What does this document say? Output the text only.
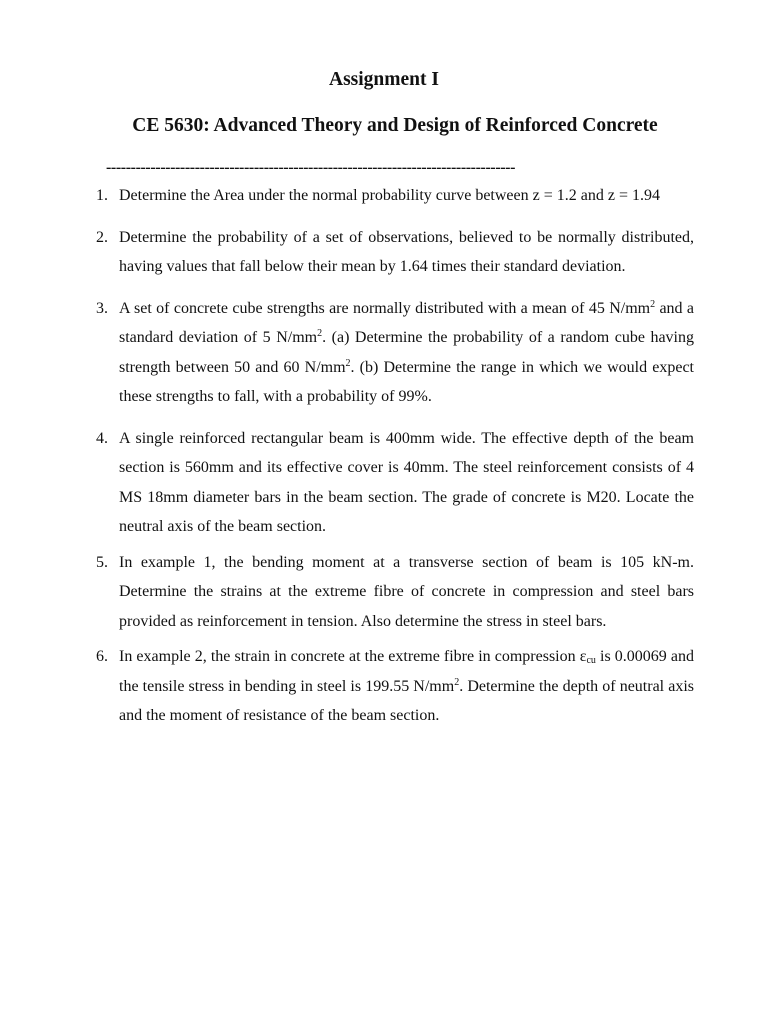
Assignment I
CE 5630: Advanced Theory and Design of Reinforced Concrete
-----------------------------------------------------------------------------------
1. Determine the Area under the normal probability curve between z = 1.2 and z = 1.94
2. Determine the probability of a set of observations, believed to be normally distributed, having values that fall below their mean by 1.64 times their standard deviation.
3. A set of concrete cube strengths are normally distributed with a mean of 45 $N/mm^2$ and a standard deviation of 5 $N/mm^2$. (a) Determine the probability of a random cube having strength between 50 and 60 $N/mm^2$. (b) Determine the range in which we would expect these strengths to fall, with a probability of 99%.
4. A single reinforced rectangular beam is 400mm wide. The effective depth of the beam section is 560mm and its effective cover is 40mm. The steel reinforcement consists of 4 MS 18mm diameter bars in the beam section. The grade of concrete is M20. Locate the neutral axis of the beam section.
5. In example 1, the bending moment at a transverse section of beam is 105 kN-m. Determine the strains at the extreme fibre of concrete in compression and steel bars provided as reinforcement in tension. Also determine the stress in steel bars.
6. In example 2, the strain in concrete at the extreme fibre in compression $\varepsilon_{cu}$ is 0.00069 and the tensile stress in bending in steel is 199.55 $N/mm^2$. Determine the depth of neutral axis and the moment of resistance of the beam section.
